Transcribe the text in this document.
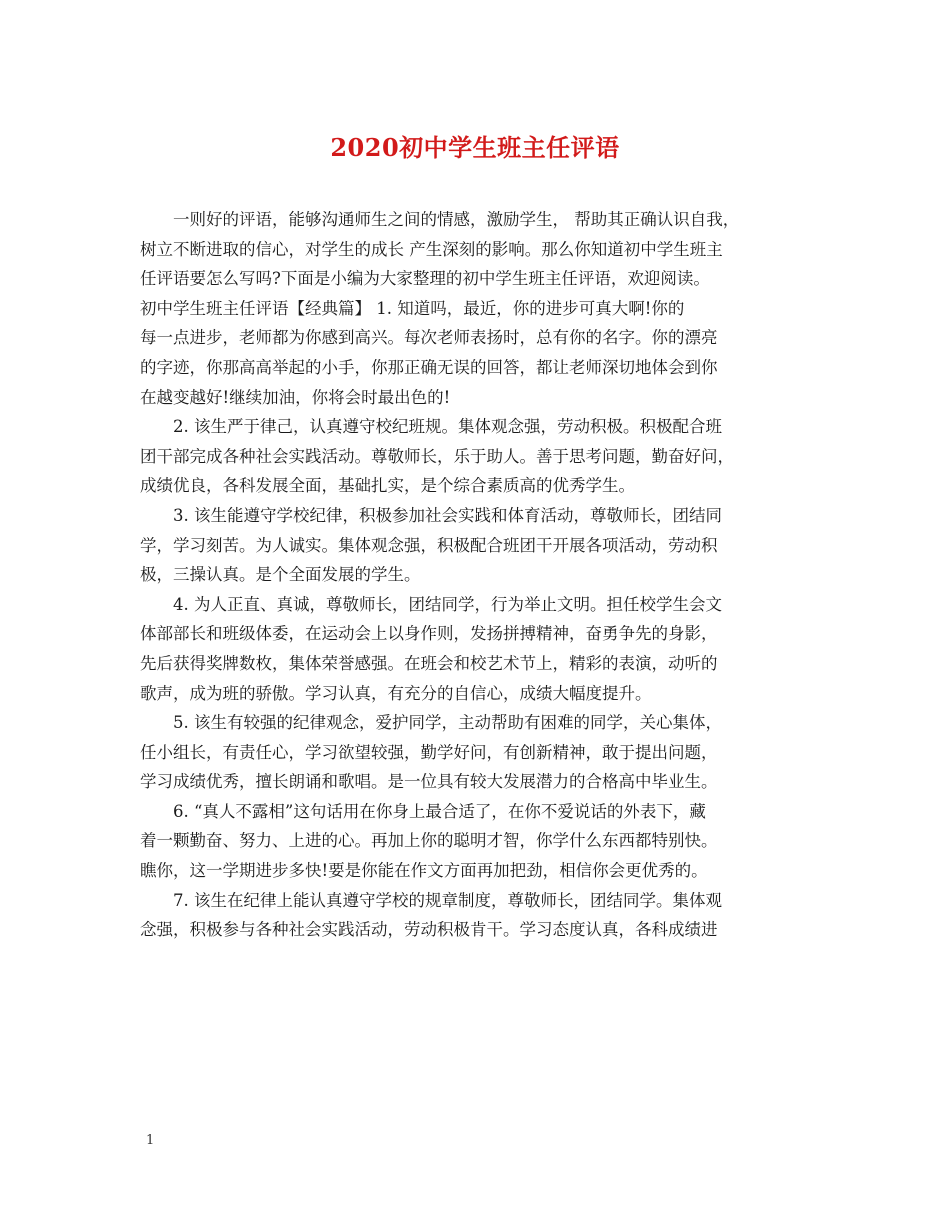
2020初中学生班主任评语

一则好的评语，能够沟通师生之间的情感，激励学生， 帮助其正确认识自我，
树立不断进取的信心，对学生的成长 产生深刻的影响。那么你知道初中学生班主
任评语要怎么写吗?下面是小编为大家整理的初中学生班主任评语，欢迎阅读。
初中学生班主任评语【经典篇】 1. 知道吗，最近，你的进步可真大啊!你的
每一点进步，老师都为你感到高兴。每次老师表扬时，总有你的名字。你的漂亮
的字迹，你那高高举起的小手，你那正确无误的回答，都让老师深切地体会到你
在越变越好!继续加油，你将会时最出色的!

2. 该生严于律己，认真遵守校纪班规。集体观念强，劳动积极。积极配合班
团干部完成各种社会实践活动。尊敬师长，乐于助人。善于思考问题，勤奋好问，
成绩优良，各科发展全面，基础扎实，是个综合素质高的优秀学生。

3. 该生能遵守学校纪律，积极参加社会实践和体育活动，尊敬师长，团结同
学，学习刻苦。为人诚实。集体观念强，积极配合班团干开展各项活动，劳动积
极，三操认真。是个全面发展的学生。

4. 为人正直、真诚，尊敬师长，团结同学，行为举止文明。担任校学生会文
体部部长和班级体委，在运动会上以身作则，发扬拼搏精神，奋勇争先的身影，
先后获得奖牌数枚，集体荣誉感强。在班会和校艺术节上，精彩的表演，动听的
歌声，成为班的骄傲。学习认真，有充分的自信心，成绩大幅度提升。

5. 该生有较强的纪律观念，爱护同学，主动帮助有困难的同学，关心集体，
任小组长，有责任心，学习欲望较强，勤学好问，有创新精神，敢于提出问题，
学习成绩优秀，擅长朗诵和歌唱。是一位具有较大发展潜力的合格高中毕业生。

6. “真人不露相”这句话用在你身上最合适了，在你不爱说话的外表下，藏
着一颗勤奋、努力、上进的心。再加上你的聪明才智，你学什么东西都特别快。
瞧你，这一学期进步多快!要是你能在作文方面再加把劲，相信你会更优秀的。

7. 该生在纪律上能认真遵守学校的规章制度，尊敬师长，团结同学。集体观
念强，积极参与各种社会实践活动，劳动积极肯干。学习态度认真，各科成绩进

1
